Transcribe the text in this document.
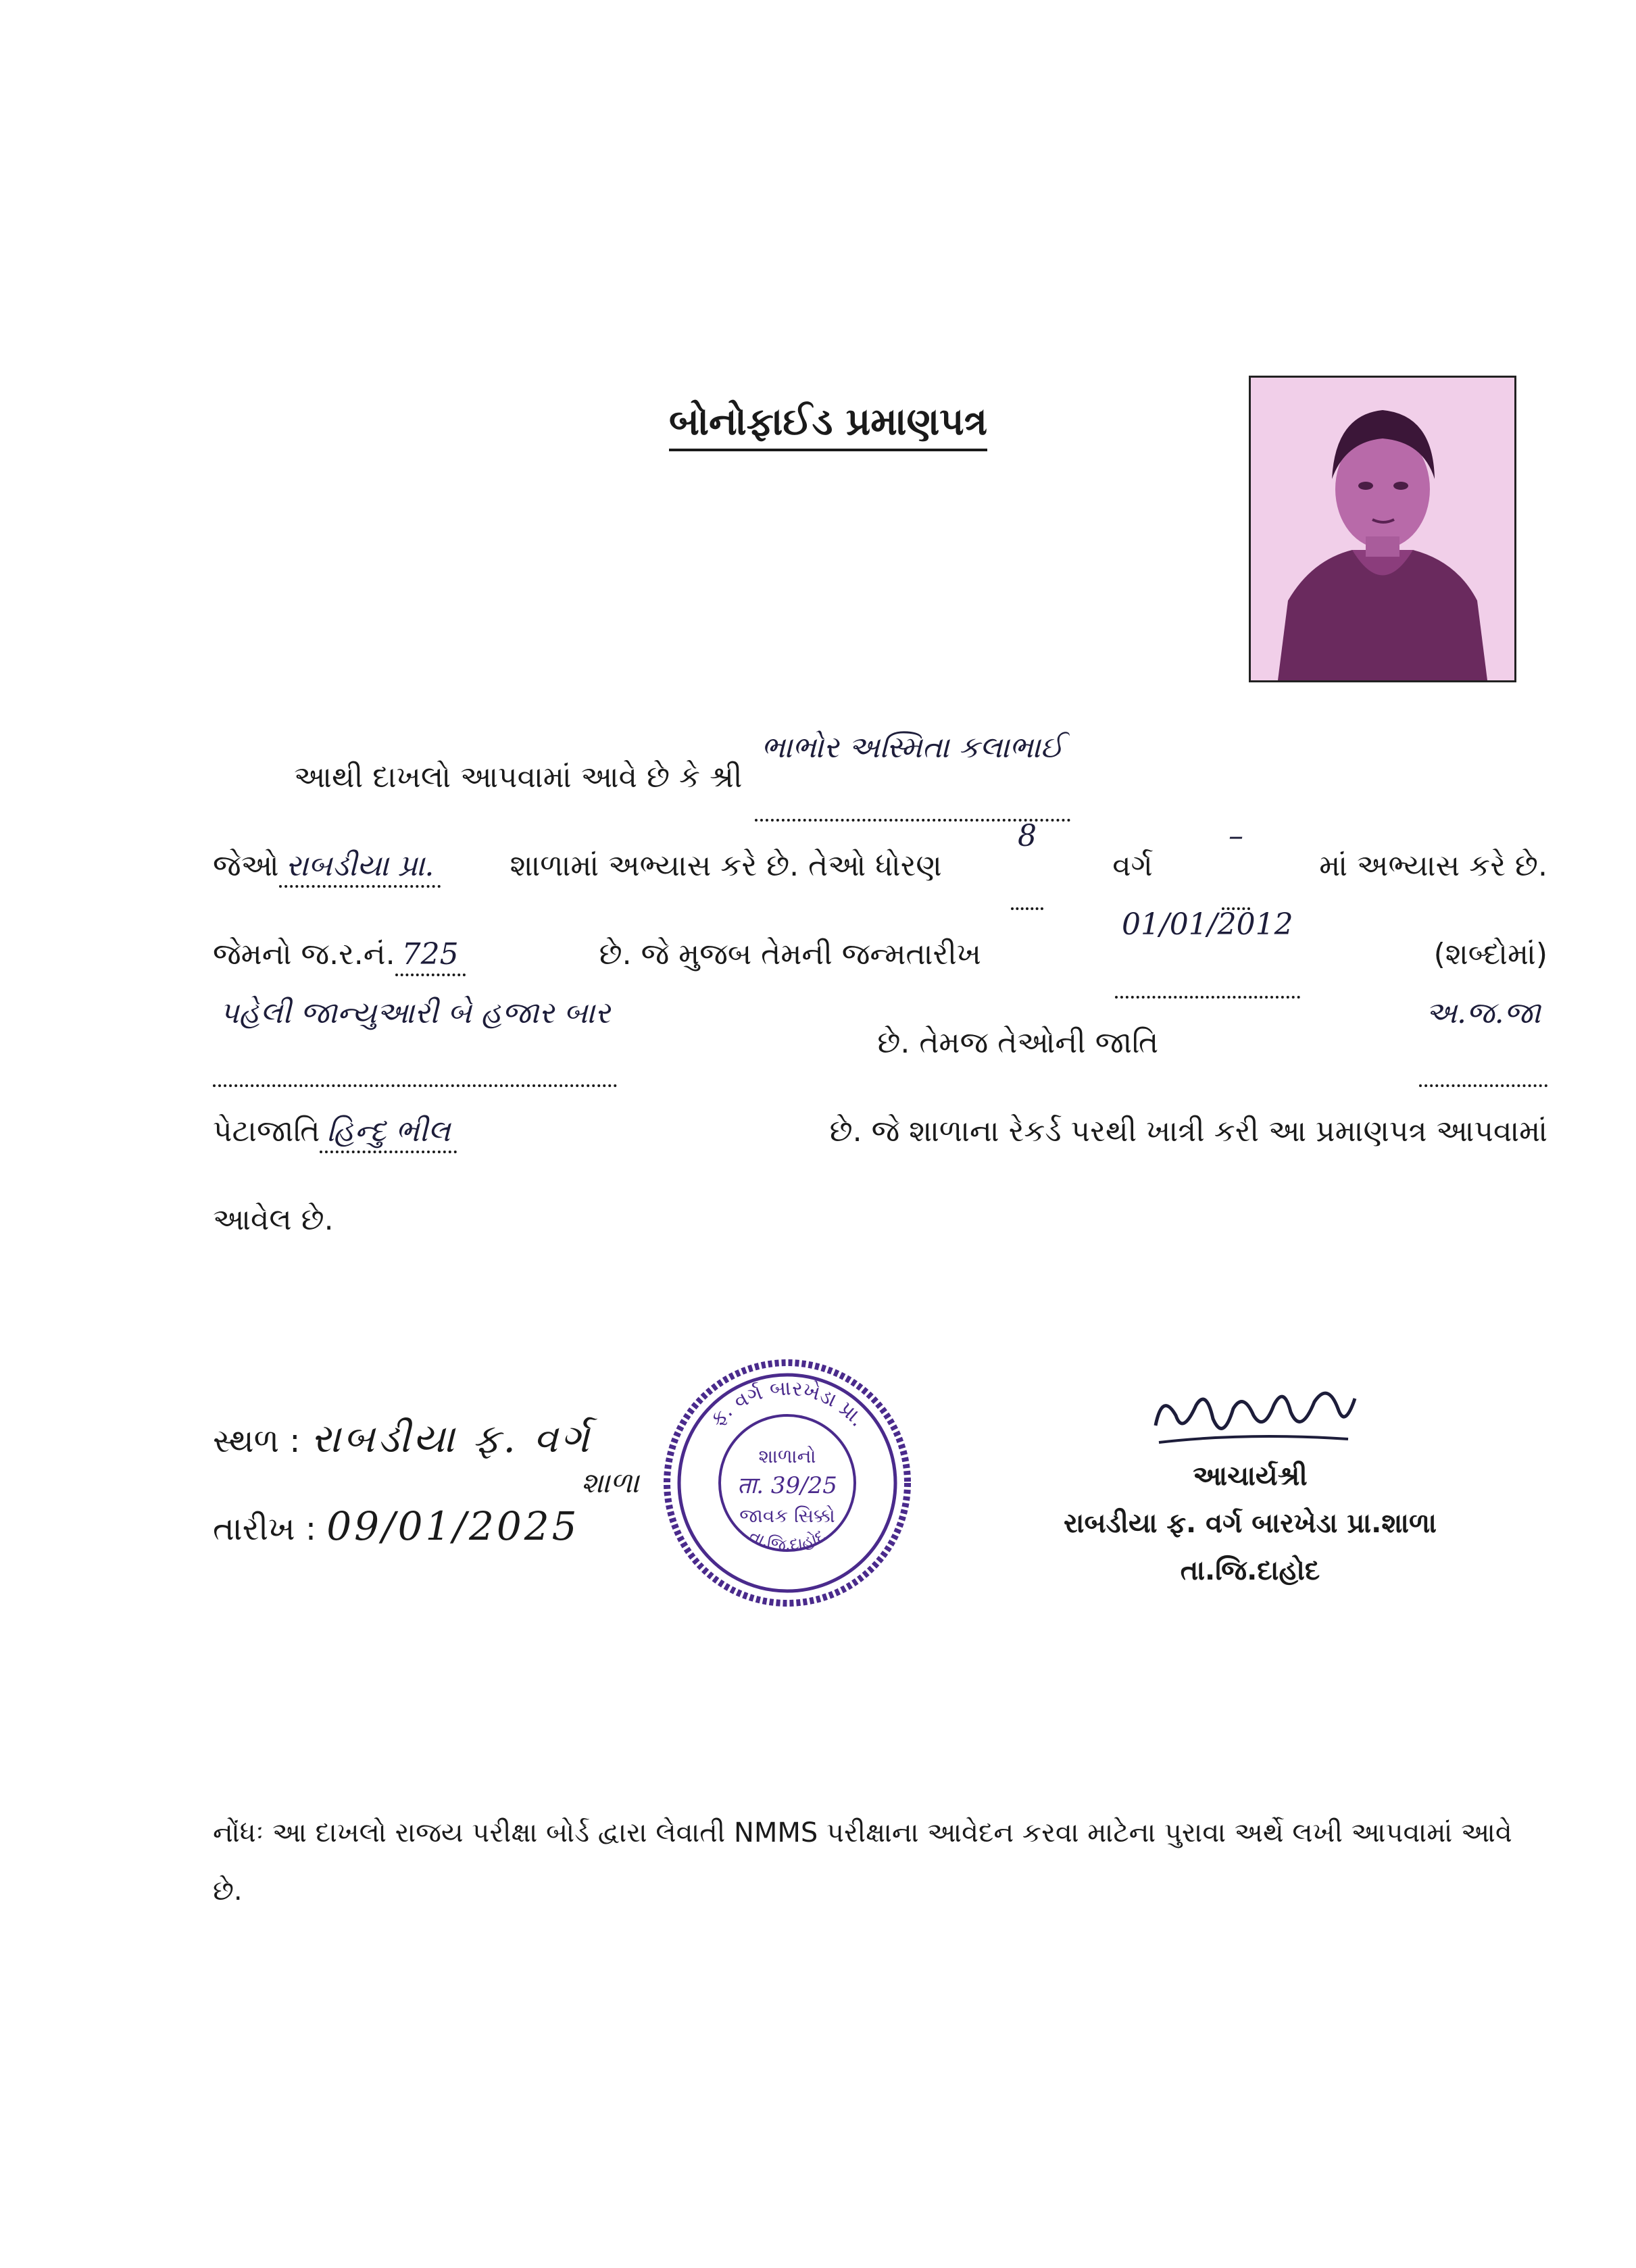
બોનોફાઈડ પ્રમાણપત્ર
આથી દાખલો આપવામાં આવે છે કે શ્રી
ભાભોર અસ્મિતા કલાભાઈ
જેઓ રાબડીયા પ્રા.	શાળામાં અભ્યાસ કરે છે. તેઓ ધોરણ
8
વર્ગ
–
માં અભ્યાસ કરે છે.
જેમનો જ.ર.નં. 725	છે. જે મુજબ તેમની જન્મતારીખ
01/01/2012
(શબ્દોમાં)
પહેલી જાન્યુઆરી બે હજાર બાર
છે. તેમજ તેઓની જાતિ
અ.જ.જા
પેટાજાતિ હિન્દુ ભીલ	છે. જે શાળાના રેકર્ડ પરથી ખાત્રી કરી આ પ્રમાણપત્ર આપવામાં
આવેલ છે.
સ્થળ : રાબડીયા ફ. વર્ગ
શાળા
તારીખ : 09/01/2025
ફ. વર્ગ બારખેડા પ્રા.
તા.જિ.દાહોદ
શાળાનો
ता. 39/25
જાવક સિક્કો
આચાર્યશ્રી
રાબડીયા ફ. વર્ગ બારખેડા પ્રા.શાળા
તા.જિ.દાહોદ
નોંધઃ આ દાખલો રાજય પરીક્ષા બોર્ડ દ્વારા લેવાતી NMMS પરીક્ષાના આવેદન કરવા માટેના પુરાવા અર્થે લખી આપવામાં આવે છે.
